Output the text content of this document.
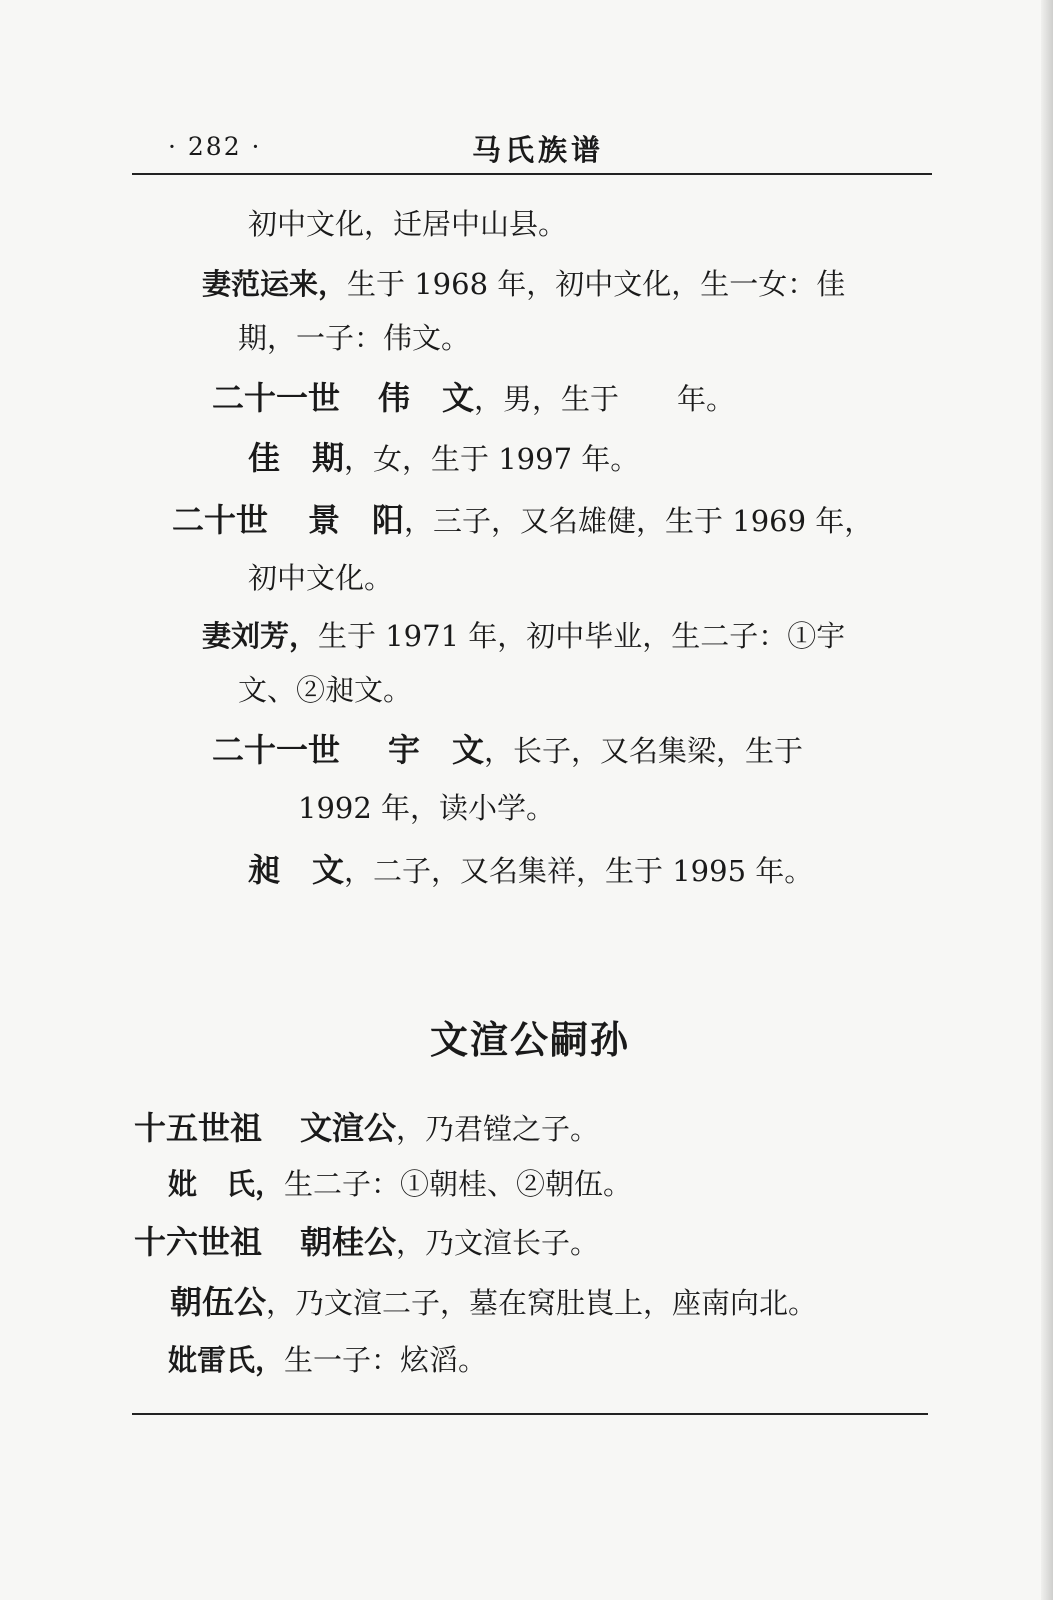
· 282 ·	马氏族谱
初中文化，迁居中山县。
妻范运来，生于 1968 年，初中文化，生一女：佳
期，一子：伟文。
二十一世 伟　文，男，生于　　年。
佳　期，女，生于 1997 年。
二十世 景　阳，三子，又名雄健，生于 1969 年，
初中文化。
妻刘芳，生于 1971 年，初中毕业，生二子：①宇
文、②昶文。
二十一世 宇　文，长子，又名集梁，生于
1992 年，读小学。
昶　文，二子，又名集祥，生于 1995 年。
文渲公嗣孙
十五世祖 文渲公，乃君镗之子。
妣　氏，生二子：①朝桂、②朝伍。
十六世祖 朝桂公，乃文渲长子。
朝伍公，乃文渲二子，墓在窝肚崀上，座南向北。
妣雷氏，生一子：炫滔。
